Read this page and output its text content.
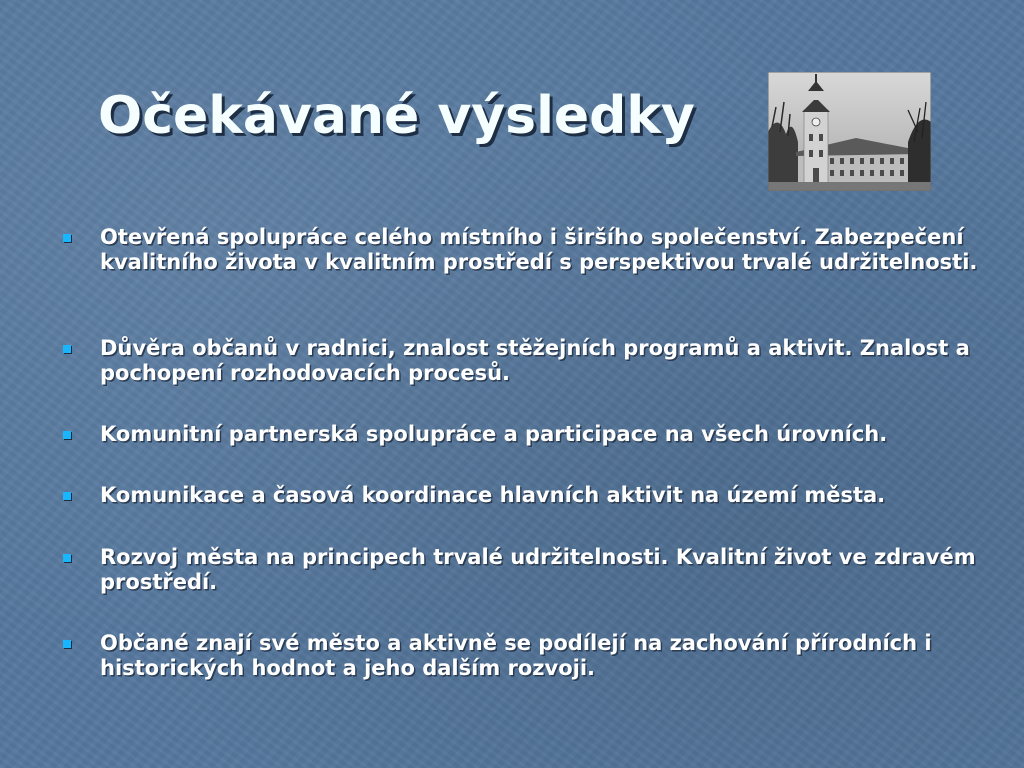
Očekávané výsledky
Otevřená spolupráce celého místního i širšího společenství. Zabezpečení kvalitního života v kvalitním prostředí s perspektivou trvalé udržitelnosti.
Důvěra občanů v radnici, znalost stěžejních programů a aktivit. Znalost a pochopení rozhodovacích procesů.
Komunitní partnerská spolupráce a participace na všech úrovních.
Komunikace a časová koordinace hlavních aktivit na území města.
Rozvoj města na principech trvalé udržitelnosti. Kvalitní život ve zdravém prostředí.
Občané znají své město a aktivně se podílejí na zachování přírodních i historických hodnot a jeho dalším rozvoji.
